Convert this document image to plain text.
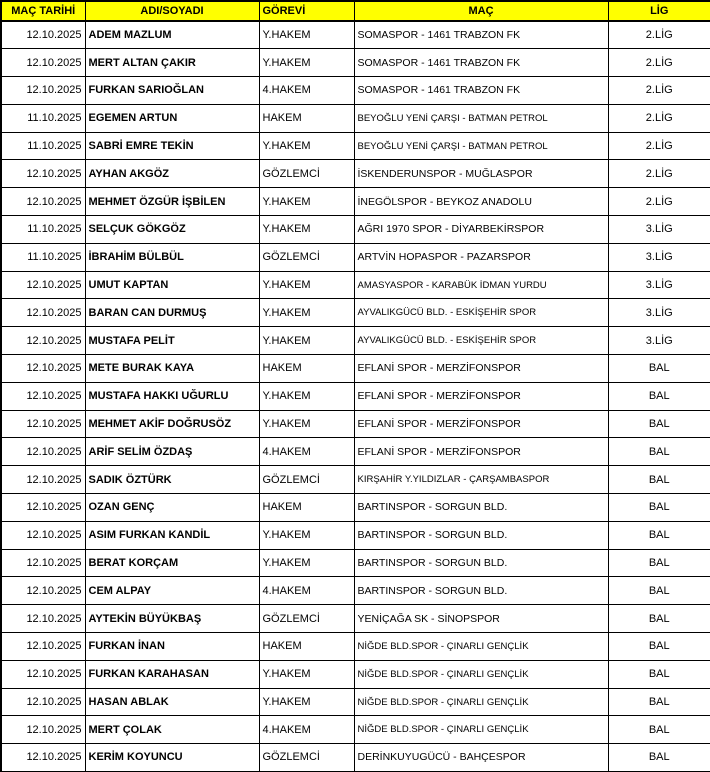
MAÇ TARİHİ	ADI/SOYADI	GÖREVİ	MAÇ	LİG
12.10.2025	ADEM MAZLUM	Y.HAKEM	SOMASPOR - 1461 TRABZON FK	2.LİG
12.10.2025	MERT ALTAN ÇAKIR	Y.HAKEM	SOMASPOR - 1461 TRABZON FK	2.LİG
12.10.2025	FURKAN SARIOĞLAN	4.HAKEM	SOMASPOR - 1461 TRABZON FK	2.LİG
11.10.2025	EGEMEN ARTUN	HAKEM	BEYOĞLU YENİ ÇARŞI - BATMAN PETROL	2.LİG
11.10.2025	SABRİ EMRE TEKİN	Y.HAKEM	BEYOĞLU YENİ ÇARŞI - BATMAN PETROL	2.LİG
12.10.2025	AYHAN AKGÖZ	GÖZLEMCİ	İSKENDERUNSPOR - MUĞLASPOR	2.LİG
12.10.2025	MEHMET ÖZGÜR İŞBİLEN	Y.HAKEM	İNEGÖLSPOR - BEYKOZ ANADOLU	2.LİG
11.10.2025	SELÇUK GÖKGÖZ	Y.HAKEM	AĞRI 1970 SPOR - DİYARBEKİRSPOR	3.LİG
11.10.2025	İBRAHİM BÜLBÜL	GÖZLEMCİ	ARTVİN HOPASPOR - PAZARSPOR	3.LİG
12.10.2025	UMUT KAPTAN	Y.HAKEM	AMASYASPOR - KARABÜK İDMAN YURDU	3.LİG
12.10.2025	BARAN CAN DURMUŞ	Y.HAKEM	AYVALIKGÜCÜ BLD. - ESKİŞEHİR SPOR	3.LİG
12.10.2025	MUSTAFA PELİT	Y.HAKEM	AYVALIKGÜCÜ BLD. - ESKİŞEHİR SPOR	3.LİG
12.10.2025	METE BURAK KAYA	HAKEM	EFLANİ SPOR - MERZİFONSPOR	BAL
12.10.2025	MUSTAFA HAKKI UĞURLU	Y.HAKEM	EFLANİ SPOR - MERZİFONSPOR	BAL
12.10.2025	MEHMET AKİF DOĞRUSÖZ	Y.HAKEM	EFLANİ SPOR - MERZİFONSPOR	BAL
12.10.2025	ARİF SELİM ÖZDAŞ	4.HAKEM	EFLANİ SPOR - MERZİFONSPOR	BAL
12.10.2025	SADIK ÖZTÜRK	GÖZLEMCİ	KIRŞAHİR Y.YILDIZLAR - ÇARŞAMBASPOR	BAL
12.10.2025	OZAN GENÇ	HAKEM	BARTINSPOR - SORGUN BLD.	BAL
12.10.2025	ASIM FURKAN KANDİL	Y.HAKEM	BARTINSPOR - SORGUN BLD.	BAL
12.10.2025	BERAT KORÇAM	Y.HAKEM	BARTINSPOR - SORGUN BLD.	BAL
12.10.2025	CEM ALPAY	4.HAKEM	BARTINSPOR - SORGUN BLD.	BAL
12.10.2025	AYTEKİN BÜYÜKBAŞ	GÖZLEMCİ	YENİÇAĞA SK - SİNOPSPOR	BAL
12.10.2025	FURKAN İNAN	HAKEM	NİĞDE BLD.SPOR - ÇINARLI GENÇLİK	BAL
12.10.2025	FURKAN KARAHASAN	Y.HAKEM	NİĞDE BLD.SPOR - ÇINARLI GENÇLİK	BAL
12.10.2025	HASAN ABLAK	Y.HAKEM	NİĞDE BLD.SPOR - ÇINARLI GENÇLİK	BAL
12.10.2025	MERT ÇOLAK	4.HAKEM	NİĞDE BLD.SPOR - ÇINARLI GENÇLİK	BAL
12.10.2025	KERİM KOYUNCU	GÖZLEMCİ	DERİNKUYUGÜCÜ - BAHÇESPOR	BAL
